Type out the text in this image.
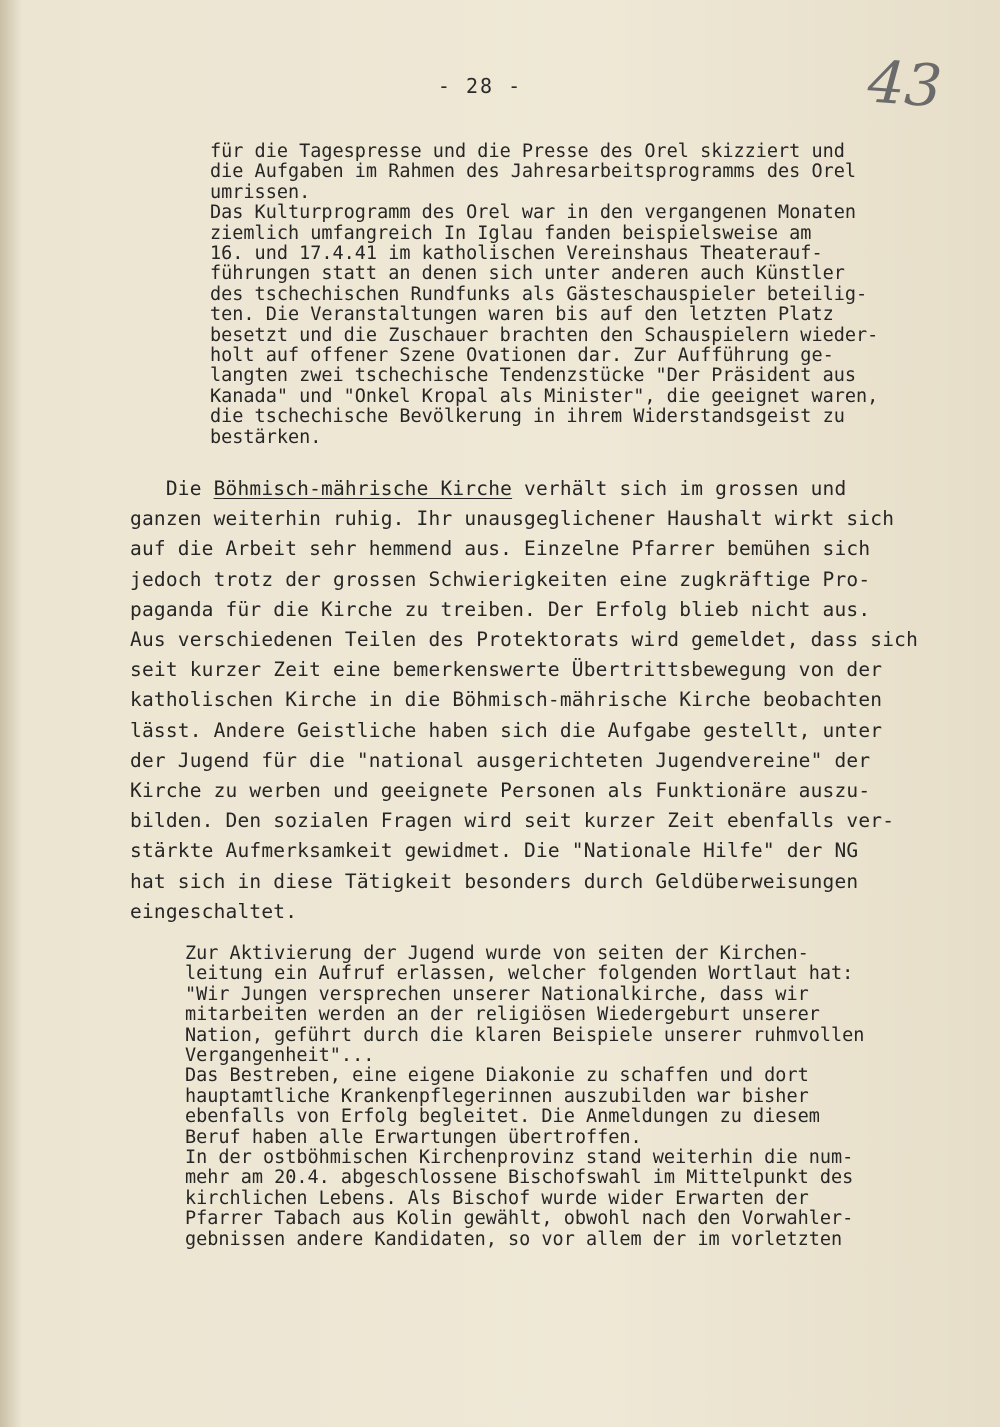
- 28 -	43

für die Tagespresse und die Presse des Orel skizziert und

die Aufgaben im Rahmen des Jahresarbeitsprogramms des Orel

umrissen.

Das Kulturprogramm des Orel war in den vergangenen Monaten

ziemlich umfangreich In Iglau fanden beispielsweise am

16. und 17.4.41 im katholischen Vereinshaus Theaterauf-

führungen statt an denen sich unter anderen auch Künstler

des tschechischen Rundfunks als Gästeschauspieler beteilig-

ten. Die Veranstaltungen waren bis auf den letzten Platz

besetzt und die Zuschauer brachten den Schauspielern wieder-

holt auf offener Szene Ovationen dar. Zur Aufführung ge-

langten zwei tschechische Tendenzstücke "Der Präsident aus

Kanada" und "Onkel Kropal als Minister", die geeignet waren,

die tschechische Bevölkerung in ihrem Widerstandsgeist zu

bestärken.

Die Böhmisch-mährische Kirche verhält sich im grossen und

ganzen weiterhin ruhig. Ihr unausgeglichener Haushalt wirkt sich

auf die Arbeit sehr hemmend aus. Einzelne Pfarrer bemühen sich

jedoch trotz der grossen Schwierigkeiten eine zugkräftige Pro-

paganda für die Kirche zu treiben. Der Erfolg blieb nicht aus.

Aus verschiedenen Teilen des Protektorats wird gemeldet, dass sich

seit kurzer Zeit eine bemerkenswerte Übertrittsbewegung von der

katholischen Kirche in die Böhmisch-mährische Kirche beobachten

lässt. Andere Geistliche haben sich die Aufgabe gestellt, unter

der Jugend für die "national ausgerichteten Jugendvereine" der

Kirche zu werben und geeignete Personen als Funktionäre auszu-

bilden. Den sozialen Fragen wird seit kurzer Zeit ebenfalls ver-

stärkte Aufmerksamkeit gewidmet. Die "Nationale Hilfe" der NG

hat sich in diese Tätigkeit besonders durch Geldüberweisungen

eingeschaltet.

Zur Aktivierung der Jugend wurde von seiten der Kirchen-

leitung ein Aufruf erlassen, welcher folgenden Wortlaut hat:

"Wir Jungen versprechen unserer Nationalkirche, dass wir

mitarbeiten werden an der religiösen Wiedergeburt unserer

Nation, geführt durch die klaren Beispiele unserer ruhmvollen

Vergangenheit"...

Das Bestreben, eine eigene Diakonie zu schaffen und dort

hauptamtliche Krankenpflegerinnen auszubilden war bisher

ebenfalls von Erfolg begleitet. Die Anmeldungen zu diesem

Beruf haben alle Erwartungen übertroffen.

In der ostböhmischen Kirchenprovinz stand weiterhin die num-

mehr am 20.4. abgeschlossene Bischofswahl im Mittelpunkt des

kirchlichen Lebens. Als Bischof wurde wider Erwarten der

Pfarrer Tabach aus Kolin gewählt, obwohl nach den Vorwahler-

gebnissen andere Kandidaten, so vor allem der im vorletzten
